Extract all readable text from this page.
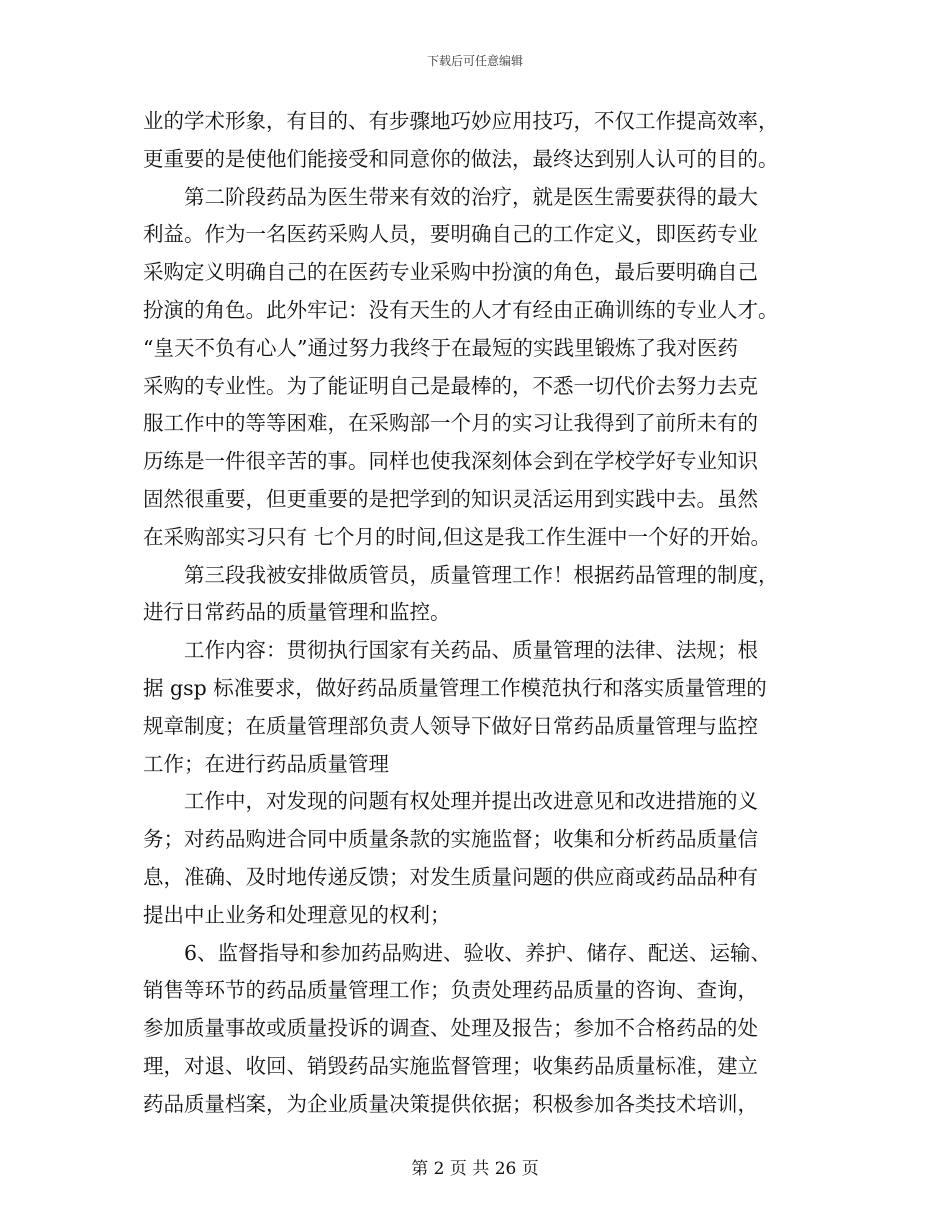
下载后可任意编辑
业的学术形象，有目的、有步骤地巧妙应用技巧，不仅工作提高效率，
更重要的是使他们能接受和同意你的做法，最终达到别人认可的目的。
　　第二阶段药品为医生带来有效的治疗，就是医生需要获得的最大
利益。作为一名医药采购人员，要明确自己的工作定义，即医药专业
采购定义明确自己的在医药专业采购中扮演的角色，最后要明确自己
扮演的角色。此外牢记：没有天生的人才有经由正确训练的专业人才。
“皇天不负有心人”通过努力我终于在最短的实践里锻炼了我对医药
采购的专业性。为了能证明自己是最棒的，不悉一切代价去努力去克
服工作中的等等困难，在采购部一个月的实习让我得到了前所未有的
历练是一件很辛苦的事。同样也使我深刻体会到在学校学好专业知识
固然很重要，但更重要的是把学到的知识灵活运用到实践中去。虽然
在采购部实习只有 七个月的时间,但这是我工作生涯中一个好的开始。
　　第三段我被安排做质管员，质量管理工作！根据药品管理的制度，
进行日常药品的质量管理和监控。
　　工作内容：贯彻执行国家有关药品、质量管理的法律、法规；根
据 gsp 标准要求，做好药品质量管理工作模范执行和落实质量管理的
规章制度；在质量管理部负责人领导下做好日常药品质量管理与监控
工作；在进行药品质量管理
　　工作中，对发现的问题有权处理并提出改进意见和改进措施的义
务；对药品购进合同中质量条款的实施监督；收集和分析药品质量信
息，准确、及时地传递反馈；对发生质量问题的供应商或药品品种有
提出中止业务和处理意见的权利；
　　6、监督指导和参加药品购进、验收、养护、储存、配送、运输、
销售等环节的药品质量管理工作；负责处理药品质量的咨询、查询，
参加质量事故或质量投诉的调查、处理及报告；参加不合格药品的处
理，对退、收回、销毁药品实施监督管理；收集药品质量标准，建立
药品质量档案，为企业质量决策提供依据；积极参加各类技术培训，
第 2 页 共 26 页
